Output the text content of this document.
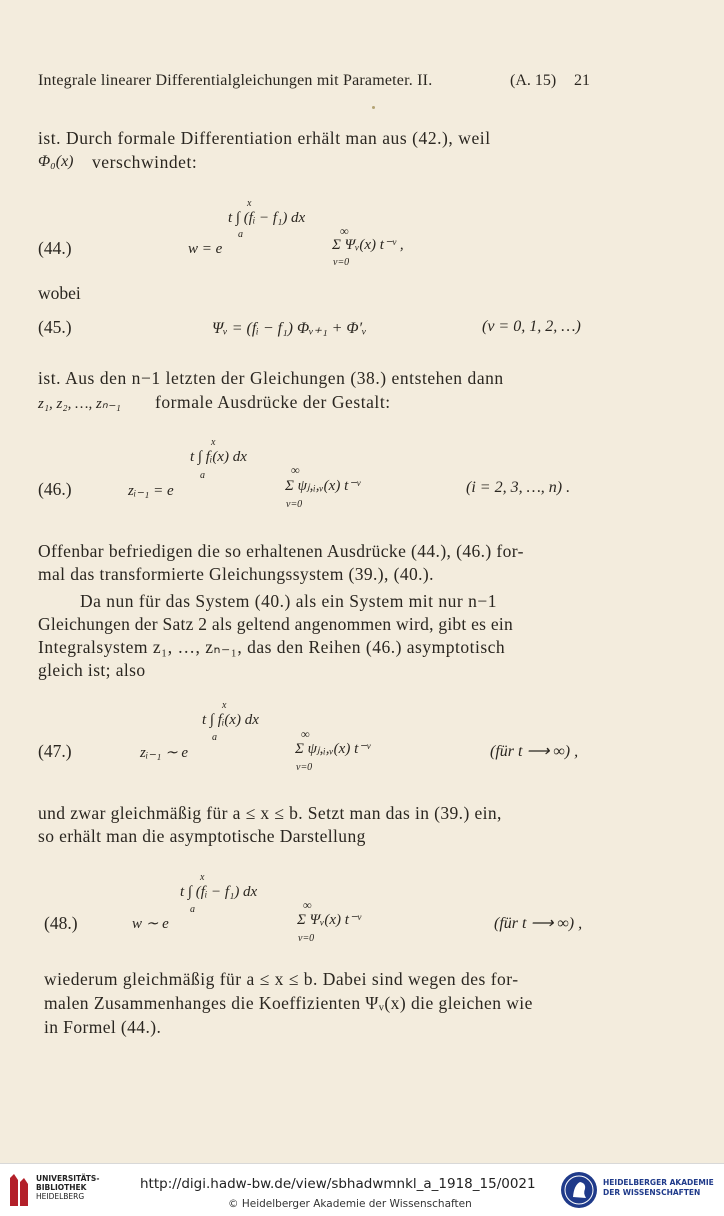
Integrale linearer Differentialgleichungen mit Parameter. II.	(A. 15) 21
ist. Durch formale Differentiation erhält man aus (42.), weil
Φ₀(x) verschwindet:
(44.)
x
t ∫ (fᵢ − f₁) dx
a
w = e
∞
Σ Ψᵥ(x) t⁻ᵛ ,
ν=0
wobei
(45.)	Ψᵥ = (fᵢ − f₁) Φᵥ₊₁ + Φ′ᵥ	(ν = 0, 1, 2, …)
ist. Aus den n−1 letzten der Gleichungen (38.) entstehen dann
z₁, z₂, …, zₙ₋₁ formale Ausdrücke der Gestalt:
(46.)
x
t ∫ fᵢ(x) dx
a
zᵢ₋₁ = e
∞
Σ ψⱼ,ᵢ,ᵥ(x) t⁻ᵛ
ν=0
(i = 2, 3, …, n) .
Offenbar befriedigen die so erhaltenen Ausdrücke (44.), (46.) for-
mal das transformierte Gleichungssystem (39.), (40.).
Da nun für das System (40.) als ein System mit nur n−1
Gleichungen der Satz 2 als geltend angenommen wird, gibt es ein
Integralsystem z₁, …, zₙ₋₁, das den Reihen (46.) asymptotisch
gleich ist; also
(47.)
x
t ∫ fᵢ(x) dx
a
zᵢ₋₁ ∼ e
∞
Σ ψⱼ,ᵢ,ᵥ(x) t⁻ᵛ
ν=0
(für t ⟶ ∞) ,
und zwar gleichmäßig für a ≤ x ≤ b. Setzt man das in (39.) ein,
so erhält man die asymptotische Darstellung
(48.)
x
t ∫ (fᵢ − f₁) dx
a
w ∼ e
∞
Σ Ψᵥ(x) t⁻ᵛ
ν=0
(für t ⟶ ∞) ,
wiederum gleichmäßig für a ≤ x ≤ b. Dabei sind wegen des for-
malen Zusammenhanges die Koeffizienten Ψᵥ(x) die gleichen wie
in Formel (44.).
UNIVERSITÄTS-
BIBLIOTHEK
HEIDELBERG
http://digi.hadw-bw.de/view/sbhadwmnkl_a_1918_15/0021
© Heidelberger Akademie der Wissenschaften
HEIDELBERGER AKADEMIE
DER WISSENSCHAFTEN
